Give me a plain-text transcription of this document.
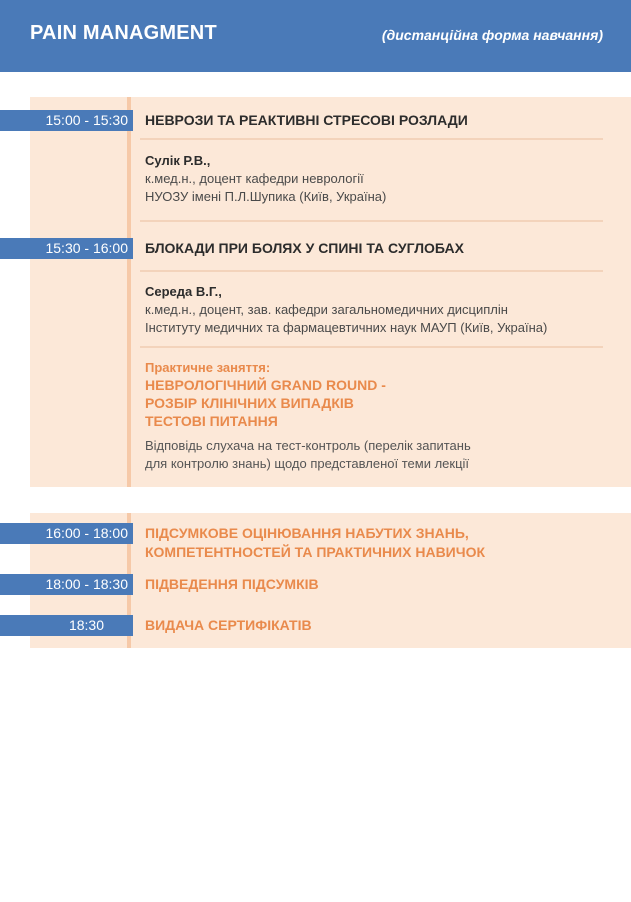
PAIN MANAGMENT	(дистанційна форма навчання)
15:00 - 15:30	НЕВРОЗИ ТА РЕАКТИВНІ СТРЕСОВІ РОЗЛАДИ
Сулік Р.В.,
к.мед.н., доцент кафедри неврології
НУОЗУ імені П.Л.Шупика (Київ, Україна)
15:30 - 16:00	БЛОКАДИ ПРИ БОЛЯХ У СПИНІ ТА СУГЛОБАХ
Середа В.Г.,
к.мед.н., доцент, зав. кафедри загальномедичних дисциплін
Інституту медичних та фармацевтичних наук МАУП (Київ, Україна)
Практичне заняття:
НЕВРОЛОГІЧНИЙ GRAND ROUND -
РОЗБІР КЛІНІЧНИХ ВИПАДКІВ
ТЕСТОВІ ПИТАННЯ
Відповідь слухача на тест-контроль (перелік запитань
для контролю знань) щодо представленої теми лекції
16:00 - 18:00	ПІДСУМКОВЕ ОЦІНЮВАННЯ НАБУТИХ ЗНАНЬ,
КОМПЕТЕНТНОСТЕЙ ТА ПРАКТИЧНИХ НАВИЧОК
18:00 - 18:30	ПІДВЕДЕННЯ ПІДСУМКІВ
18:30	ВИДАЧА СЕРТИФІКАТІВ
